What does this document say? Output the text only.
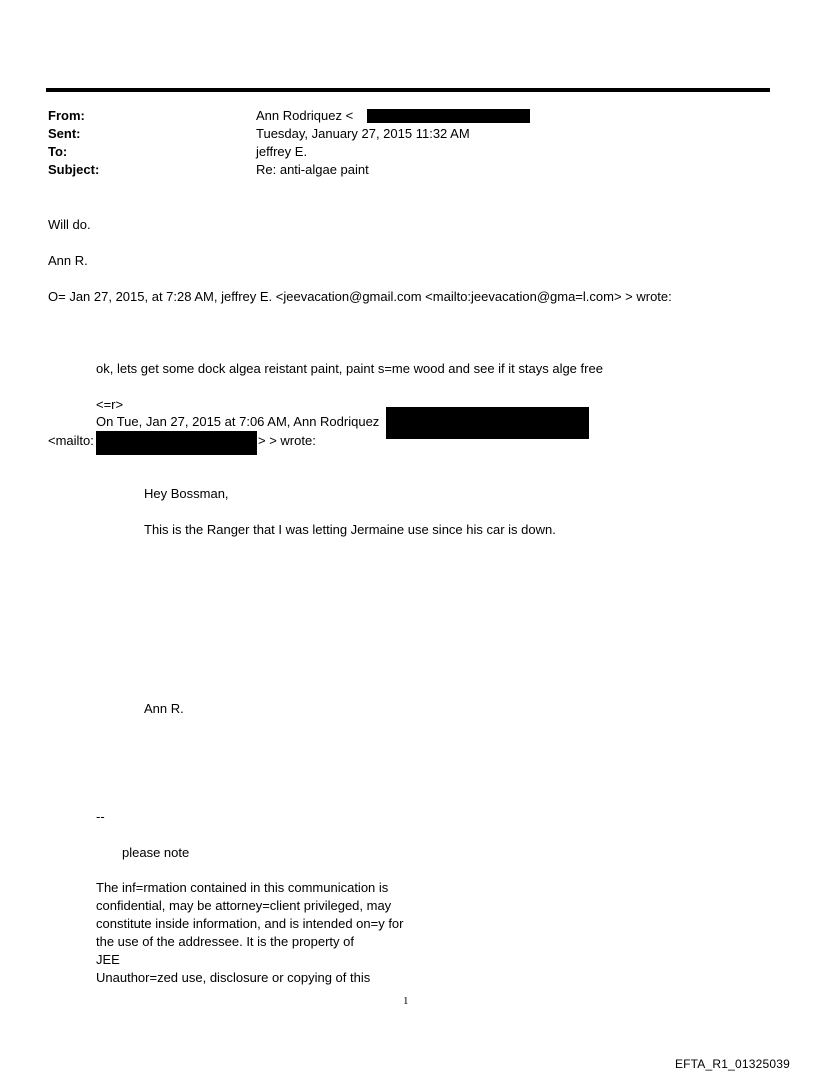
From:	Ann Rodriquez <
Sent:	Tuesday, January 27, 2015 11:32 AM
To:	jeffrey E.
Subject:	Re: anti-algae paint
Will do.
Ann R.
O= Jan 27, 2015, at 7:28 AM, jeffrey E. <jeevacation@gmail.com <mailto:jeevacation@gma=l.com> > wrote:
ok, lets get some dock algea reistant paint, paint s=me wood and see if it stays alge free
<=r>
On Tue, Jan 27, 2015 at 7:06 AM, Ann Rodriquez
<mailto:	> > wrote:
Hey Bossman,
This is the Ranger that I was letting Jermaine use since his car is down.
Ann R.
--
please note
The inf=rmation contained in this communication is
confidential, may be attorney=client privileged, may
constitute inside information, and is intended on=y for
the use of the addressee. It is the property of
JEE
Unauthor=zed use, disclosure or copying of this
1
EFTA_R1_01325039
